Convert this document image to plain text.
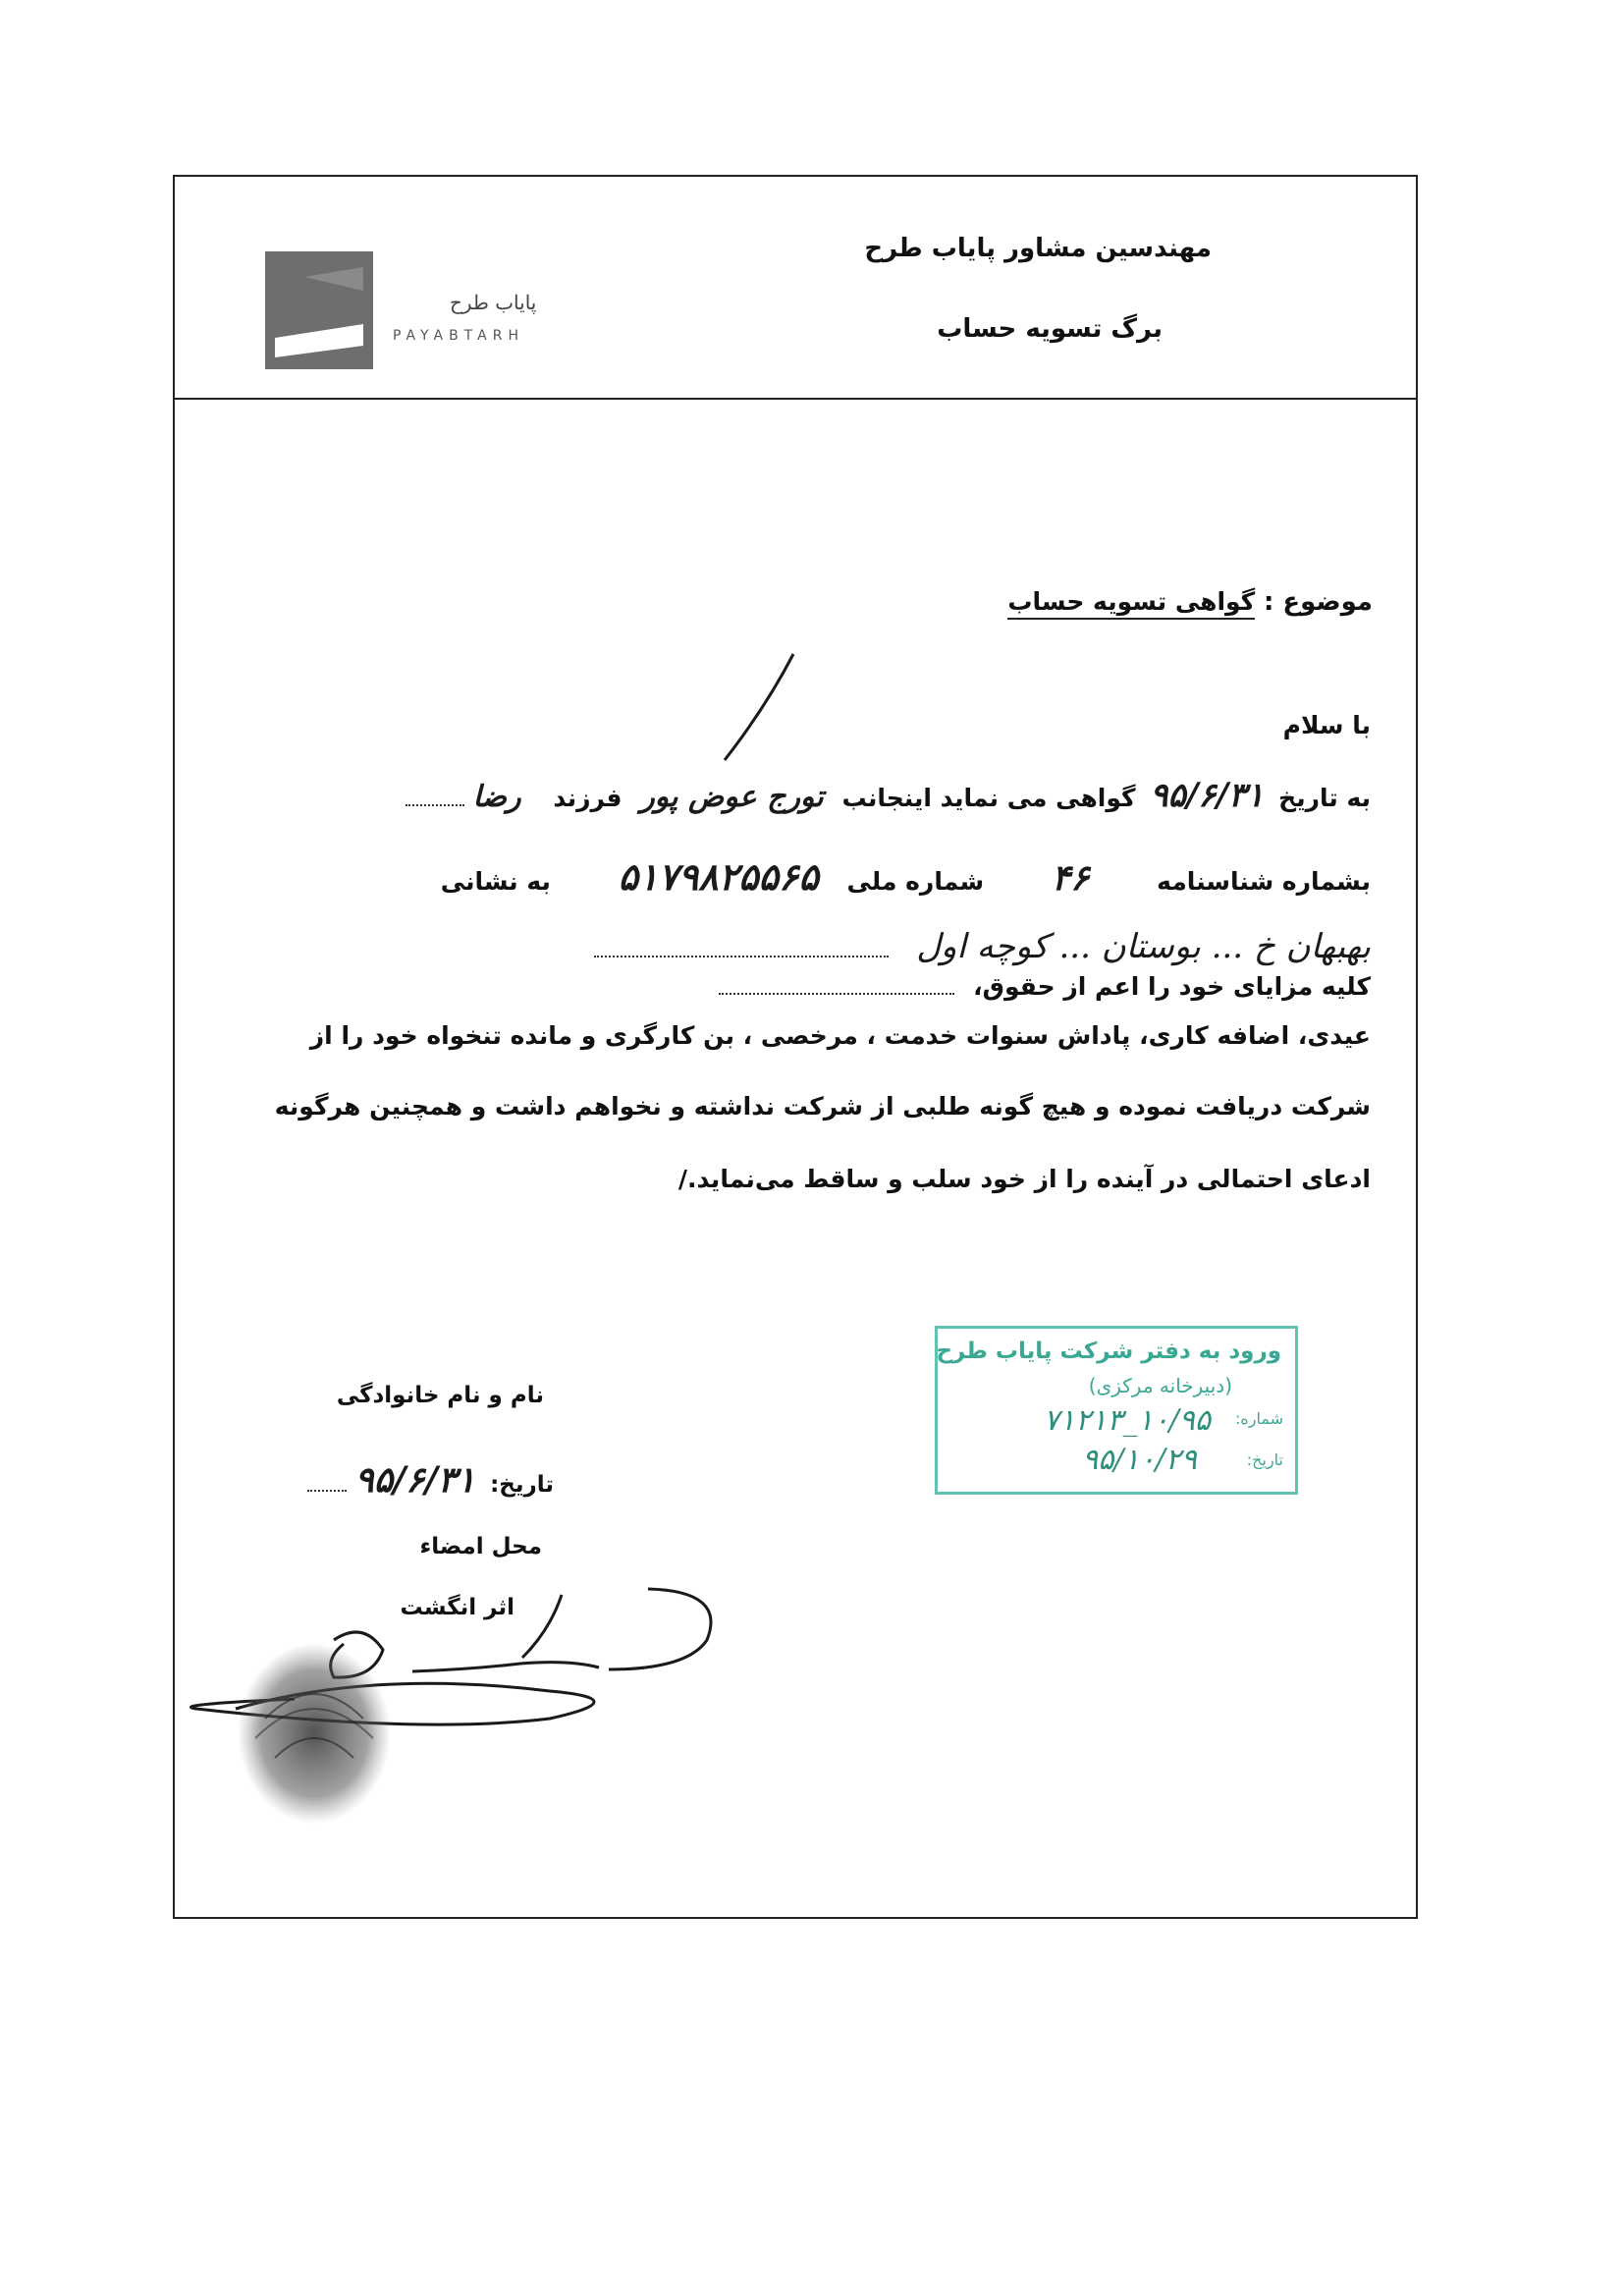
پایاب طرح
PAYABTARH
مهندسین مشاور پایاب طرح
برگ تسویه حساب
موضوع : گواهی تسویه حساب
با سلام
به تاریخ ۹۵/۶/۳۱ گواهی می نماید اینجانب تورج عوض پور فرزند رضا
بشماره شناسنامه ۴۶ شماره ملی ۵۱۷۹۸۲۵۵۶۵ به نشانی
بهبهان خ ... بوستان ... کوچه اول
کلیه مزایای خود را اعم از حقوق،
عیدی، اضافه کاری، پاداش سنوات خدمت ، مرخصی ، بن کارگری و مانده تنخواه خود را از
شرکت دریافت نموده و هیچ گونه طلبی از شرکت نداشته و نخواهم داشت و همچنین هرگونه
ادعای احتمالی در آینده را از خود سلب و ساقط می‌نماید./
ورود به دفتر شرکت پایاب طرح
(دبیرخانه مرکزی)
شماره:
۱۰/۹۵_۷۱۲۱۳
تاریخ:
۹۵/۱۰/۲۹
نام و نام خانوادگی
تاریخ: ۹۵/۶/۳۱
محل امضاء
اثر انگشت
